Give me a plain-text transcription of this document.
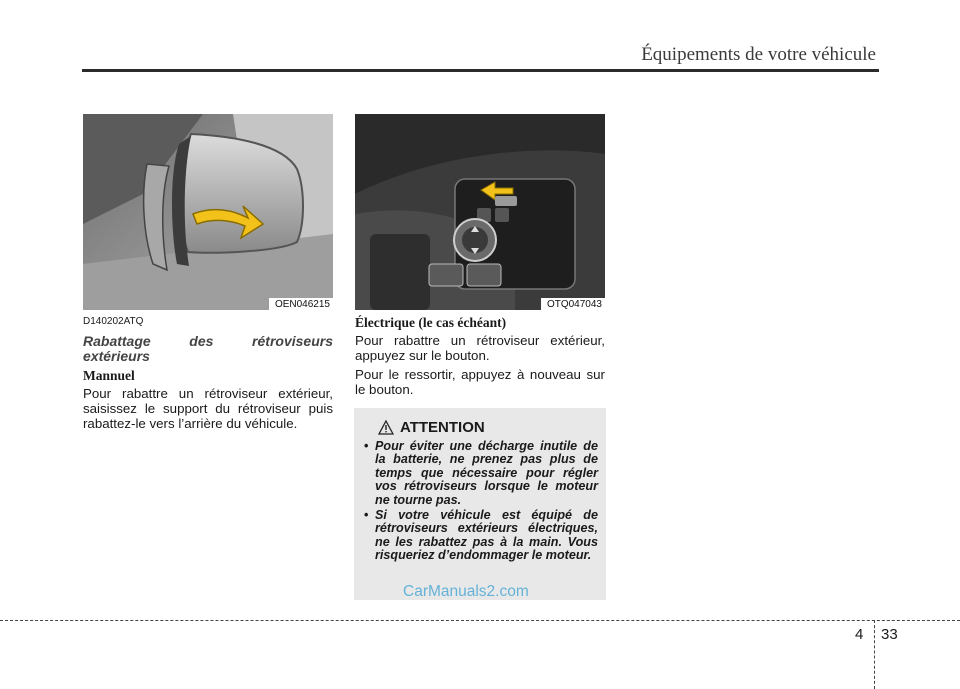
Équipements de votre véhicule
OEN046215	OTQ047043

D140202ATQ

Rabattage des rétroviseurs extérieurs

Mannuel

Pour rabattre un rétroviseur extérieur, saisissez le support du rétroviseur puis rabattez-le vers l’arrière du véhicule.

Électrique (le cas échéant)

Pour rabattre un rétroviseur extérieur, appuyez sur le bouton.

Pour le ressortir, appuyez à nouveau sur le bouton.

ATTENTION
• Pour éviter une décharge inutile de la batterie, ne prenez pas plus de temps que nécessaire pour régler vos rétroviseurs lorsque le moteur ne tourne pas.
• Si votre véhicule est équipé de rétroviseurs extérieurs électriques, ne les rabattez pas à la main. Vous risqueriez d’endommager le moteur.
CarManuals2.com
4 33
